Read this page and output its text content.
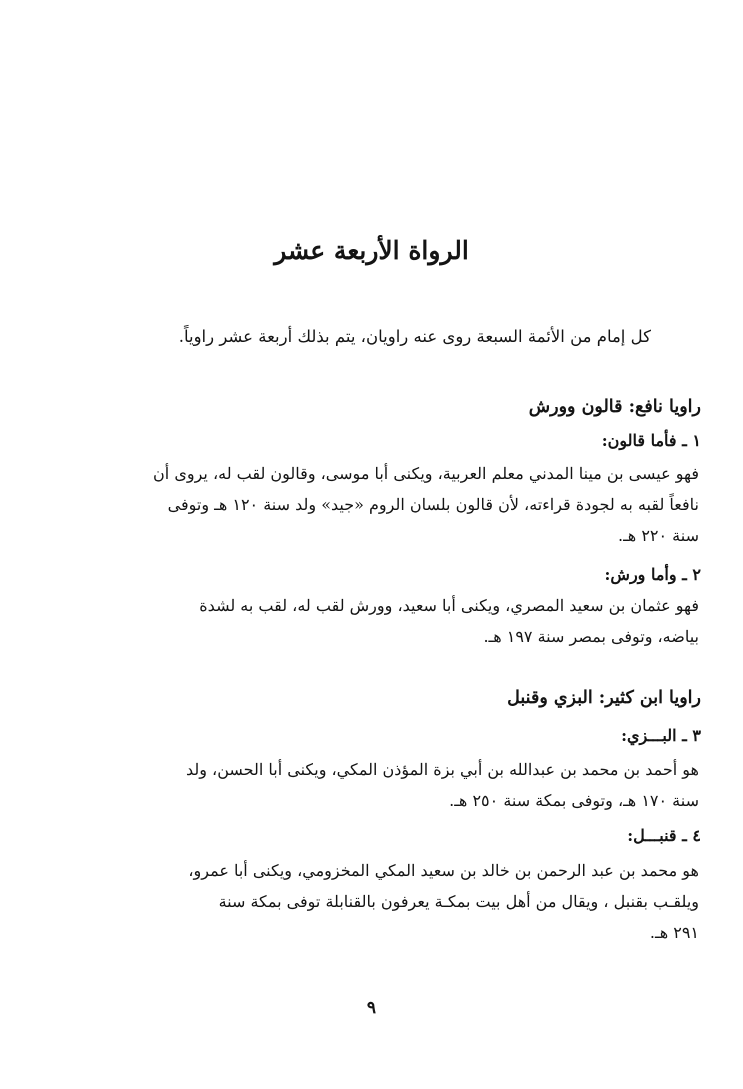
الرواة الأربعة عشر
كل إمام من الأئمة السبعة روى عنه راويان، يتم بذلك أربعة عشر راوياً.
راويا نافع: قالون وورش
١ ـ فأما قالون:
فهو عيسى بن مينا المدني معلم العربية، ويكنى أبا موسى، وقالون لقب له، يروى أن
نافعاً لقبه به لجودة قراءته، لأن قالون بلسان الروم «جيد» ولد سنة ١٢٠ هـ وتوفى
سنة ٢٢٠ هـ.
٢ ـ وأما ورش:
فهو عثمان بن سعيد المصري، ويكنى أبا سعيد، وورش لقب له، لقب به لشدة
بياضه، وتوفى بمصر سنة ١٩٧ هـ.
راويا ابن كثير: البزي وقنبل
٣ ـ البـــزي:
هو أحمد بن محمد بن عبدالله بن أبي بزة المؤذن المكي، ويكنى أبا الحسن، ولد
سنة ١٧٠ هـ، وتوفى بمكة سنة ٢٥٠ هـ.
٤ ـ قنبـــل:
هو محمد بن عبد الرحمن بن خالد بن سعيد المكي المخزومي، ويكنى أبا عمرو،
ويلقـب بقنبل ، ويقال من أهل بيت بمكـة يعرفون بالقنابلة توفى بمكة سنة
٢٩١ هـ.
٩
